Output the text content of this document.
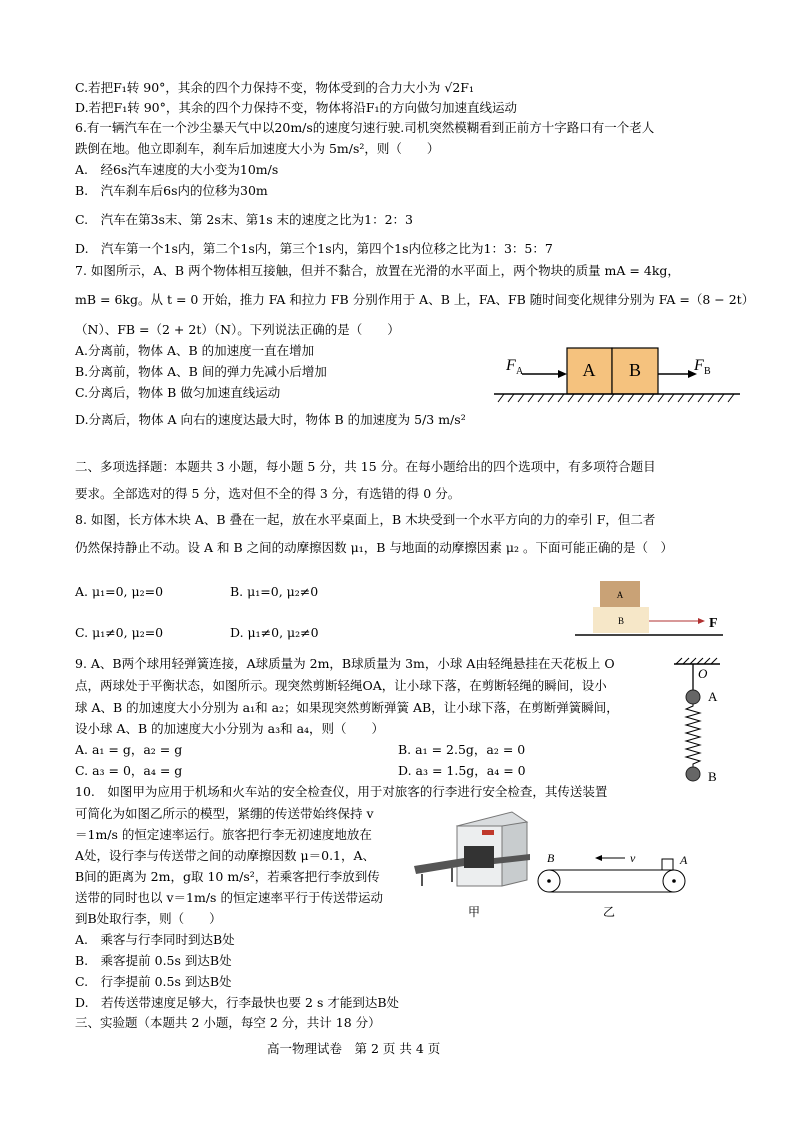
C.若把F₁转 90°，其余的四个力保持不变，物体受到的合力大小为 √2F₁
D.若把F₁转 90°，其余的四个力保持不变，物体将沿F₁的方向做匀加速直线运动
6.有一辆汽车在一个沙尘暴天气中以20m/s的速度匀速行驶.司机突然模糊看到正前方十字路口有一个老人
跌倒在地。他立即刹车，刹车后加速度大小为 5m/s²，则（　　）
A.　经6s汽车速度的大小变为10m/s
B.　汽车刹车后6s内的位移为30m
C.　汽车在第3s末、第 2s末、第1s 末的速度之比为1：2：3
D.　汽车第一个1s内，第二个1s内，第三个1s内，第四个1s内位移之比为1：3：5：7
7. 如图所示，A、B 两个物体相互接触，但并不黏合，放置在光滑的水平面上，两个物块的质量 mA = 4kg，
mB = 6kg。从 t = 0 开始，推力 FA 和拉力 FB 分别作用于 A、B 上，FA、FB 随时间变化规律分别为 FA =（8 − 2t）
（N）、FB =（2 + 2t）（N）。下列说法正确的是（　　）
A.分离前，物体 A、B 的加速度一直在增加
B.分离前，物体 A、B 间的弹力先减小后增加
C.分离后，物体 B 做匀加速直线运动
D.分离后，物体 A 向右的速度达最大时，物体 B 的加速度为 5/3 m/s²
A B
F A	F B
二、多项选择题：本题共 3 小题，每小题 5 分，共 15 分。在每小题给出的四个选项中，有多项符合题目
要求。全部选对的得 5 分，选对但不全的得 3 分，有选错的得 0 分。
8. 如图，长方体木块 A、B 叠在一起，放在水平桌面上，B 木块受到一个水平方向的力的牵引 F，但二者
仍然保持静止不动。设 A 和 B 之间的动摩擦因数 μ₁，B 与地面的动摩擦因素 μ₂ 。下面可能正确的是（　）
A. μ₁=0, μ₂=0	B. μ₁=0, μ₂≠0
C. μ₁≠0, μ₂=0	D. μ₁≠0, μ₂≠0
A
B	F
9. A、B两个球用轻弹簧连接，A球质量为 2m，B球质量为 3m，小球 A由轻绳悬挂在天花板上 O
点，两球处于平衡状态，如图所示。现突然剪断轻绳OA，让小球下落，在剪断轻绳的瞬间，设小
球 A、B 的加速度大小分别为 a₁和 a₂；如果现突然剪断弹簧 AB，让小球下落，在剪断弹簧瞬间，
设小球 A、B 的加速度大小分别为 a₃和 a₄，则（　　）
A. a₁ = g，a₂ = g	B. a₁ = 2.5g，a₂ = 0
C. a₃ = 0，a₄ = g	D. a₃ = 1.5g，a₄ = 0
O
A
B
10.　如图甲为应用于机场和火车站的安全检查仪，用于对旅客的行李进行安全检查，其传送装置
可简化为如图乙所示的模型，紧绷的传送带始终保持 v
＝1m/s 的恒定速率运行。旅客把行李无初速度地放在
A处，设行李与传送带之间的动摩擦因数 μ＝0.1，A、
B间的距离为 2m，g取 10 m/s²，若乘客把行李放到传
送带的同时也以 v＝1m/s 的恒定速率平行于传送带运动
到B处取行李，则（　　）
A.　乘客与行李同时到达B处
B.　乘客提前 0.5s 到达B处
C.　行李提前 0.5s 到达B处
D.　若传送带速度足够大，行李最快也要 2 s 才能到达B处
甲
B	A
v
乙
三、实验题（本题共 2 小题，每空 2 分，共计 18 分）
高一物理试卷　第 2 页 共 4 页
